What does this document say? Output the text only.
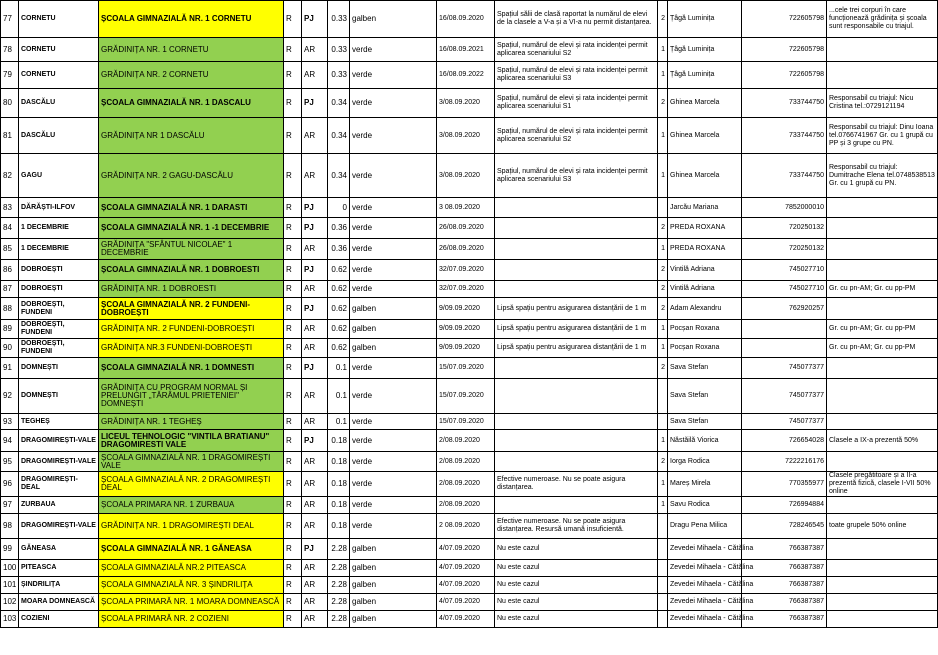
77	CORNETU	ȘCOALA GIMNAZIALĂ NR. 1 CORNETU	R	PJ	0.33	galben	16/08.09.2020	Spațiul sălii de clasă raportat la numărul de elevi de la clasele a V-a și a VI-a nu permit distanțarea.	2	Țâgă Luminița	722605798	...cele trei corpuri în care funcționează grădinița și școala sunt responsabile cu triajul.
78	CORNETU	GRĂDINIȚA NR. 1 CORNETU	R	AR	0.33	verde	16/08.09.2021	Spațiul, numărul de elevi și rata incidenței permit aplicarea scenariului S2	1	Țâgă Luminița	722605798	
79	CORNETU	GRĂDINIȚA NR. 2 CORNETU	R	AR	0.33	verde	16/08.09.2022	Spațiul, numărul de elevi și rata incidenței permit aplicarea scenariului S3	1	Țâgă Luminița	722605798	
80	DASCĂLU	ȘCOALA GIMNAZIALĂ NR. 1 DASCALU	R	PJ	0.34	verde	3/08.09.2020	Spațiul, numărul de elevi și rata incidenței permit aplicarea scenariului S1	2	Ghinea Marcela	733744750	Responsabil cu triajul: Nicu Cristina tel.:0729121194
81	DASCĂLU	GRĂDINIȚA NR 1 DASCĂLU	R	AR	0.34	verde	3/08.09.2020	Spațiul, numărul de elevi și rata incidenței permit aplicarea scenariului S2	1	Ghinea Marcela	733744750	Responsabil cu triajul: Dinu Ioana tel.0766741967 Gr. cu 1 grupă cu PP și 3 grupe cu PN.
82	GAGU	GRĂDINIȚA NR. 2 GAGU-DASCĂLU	R	AR	0.34	verde	3/08.09.2020	Spațiul, numărul de elevi și rata incidenței permit aplicarea scenariului S3	1	Ghinea Marcela	733744750	Responsabil cu triajul: Dumitrache Elena tel.0748538513 Gr. cu 1 grupă cu PN.
83	DĂRĂȘTI-ILFOV	ȘCOALA GIMNAZIALĂ NR. 1 DARASTI	R	PJ	0	verde	3 08.09.2020			Jarcău Mariana	7852000010	
84	1 DECEMBRIE	ȘCOALA GIMNAZIALĂ NR. 1 -1 DECEMBRIE	R	PJ	0.36	verde	26/08.09.2020		2	PREDA ROXANA	720250132	
85	1 DECEMBRIE	GRĂDINIȚA "SFÂNTUL NICOLAE" 1 DECEMBRIE	R	AR	0.36	verde	26/08.09.2020		1	PREDA ROXANA	720250132	
86	DOBROEȘTI	ȘCOALA GIMNAZIALĂ NR. 1 DOBROESTI	R	PJ	0.62	verde	32/07.09.2020		2	Vintilă Adriana	745027710	
87	DOBROEȘTI	GRĂDINIȚA NR. 1 DOBROESTI	R	AR	0.62	verde	32/07.09.2020		2	Vintilă Adriana	745027710	Gr. cu pn-AM; Gr. cu pp-PM
88	DOBROEȘTI, FUNDENI	ȘCOALA GIMNAZIALĂ NR. 2 FUNDENI-DOBROEȘTI	R	PJ	0.62	galben	9/09.09.2020	Lipsă spațiu pentru asigurarea distanțării de 1 m	2	Adam Alexandru	762920257	
89	DOBROEȘTI, FUNDENI	GRĂDINIȚA NR. 2 FUNDENI-DOBROEȘTI	R	AR	0.62	galben	9/09.09.2020	Lipsă spațiu pentru asigurarea distanțării de 1 m	1	Pocșan Roxana		Gr. cu pn-AM; Gr. cu pp-PM
90	DOBROEȘTI, FUNDENI	GRĂDINIȚA NR.3 FUNDENI-DOBROEȘTI	R	AR	0.62	galben	9/09.09.2020	Lipsă spațiu pentru asigurarea distanțării de 1 m	1	Pocșan Roxana		Gr. cu pn-AM; Gr. cu pp-PM
91	DOMNEȘTI	ȘCOALA GIMNAZIALĂ NR. 1 DOMNESTI	R	PJ	0.1	verde	15/07.09.2020		2	Sava Stefan	745077377	
92	DOMNEȘTI	GRĂDINIȚA CU PROGRAM NORMAL ȘI PRELUNGIT „TĂRÂMUL PRIETENIEI" DOMNEȘTI	R	AR	0.1	verde	15/07.09.2020			Sava Stefan	745077377	
93	TEGHEȘ	GRĂDINIȚA NR. 1 TEGHEȘ	R	AR	0.1	verde	15/07.09.2020			Sava Stefan	745077377	
94	DRAGOMIREȘTI-VALE	LICEUL TEHNOLOGIC "VINTILA BRATIANU" DRAGOMIRESTI VALE	R	PJ	0.18	verde	2/08.09.2020		1	Năstăilă Viorica	726654028	Clasele a IX-a prezentă 50%
95	DRAGOMIREȘTI-VALE	ȘCOALA GIMNAZIALĂ NR. 1 DRAGOMIREȘTI VALE	R	AR	0.18	verde	2/08.09.2020		2	Iorga Rodica	7222216176	
96	DRAGOMIREȘTI-DEAL	ȘCOALA GIMNAZIALĂ NR. 2 DRAGOMIREȘTI DEAL	R	AR	0.18	verde	2/08.09.2020	Efective numeroase. Nu se poate asigura distanțarea.	1	Mareș Mirela	770355977	Clasele pregătitoare și a II-a prezentă fizică, clasele I-VII 50% online
97	ZURBAUA	ȘCOALA PRIMARA NR. 1 ZURBAUA	R	AR	0.18	verde	2/08.09.2020		1	Savu Rodica	726994884	
98	DRAGOMIREȘTI-VALE	GRĂDINIȚA NR. 1 DRAGOMIREȘTI DEAL	R	AR	0.18	verde	2 08.09.2020	Efective numeroase. Nu se poate asigura distanțarea. Resursă umană insuficientă.		Dragu Pena Milica	728246545	toate grupele 50% online
99	GĂNEASA	ȘCOALA GIMNAZIALĂ NR. 1 GĂNEASA	R	PJ	2.28	galben	4/07.09.2020	Nu este cazul		Zevedei Mihaela - Cătălina	766387387	
100	PITEASCA	ȘCOALA GIMNAZIALĂ NR.2 PITEASCA	R	AR	2.28	galben	4/07.09.2020	Nu este cazul		Zevedei Mihaela - Cătălina	766387387	
101	ȘINDRILIȚA	ȘCOALA GIMNAZIALĂ NR. 3 ȘINDRILIȚA	R	AR	2.28	galben	4/07.09.2020	Nu este cazul		Zevedei Mihaela - Cătălina	766387387	
102	MOARA DOMNEASCĂ	ȘCOALA PRIMARĂ NR. 1 MOARA DOMNEASCĂ	R	AR	2.28	galben	4/07.09.2020	Nu este cazul		Zevedei Mihaela - Cătălina	766387387	
103	COZIENI	ȘCOALA PRIMARĂ NR. 2 COZIENI	R	AR	2.28	galben	4/07.09.2020	Nu este cazul		Zevedei Mihaela - Cătălina	766387387	
